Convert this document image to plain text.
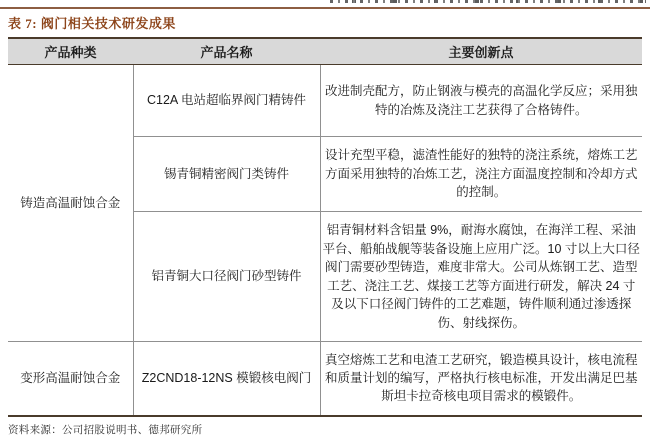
表 7: 阀门相关技术研发成果
产品种类	产品名称	主要创新点
铸造高温耐蚀合金	C12A 电站超临界阀门精铸件	改进制壳配方，防止钢液与模壳的高温化学反应；采用独特的冶炼及浇注工艺获得了合格铸件。
	锡青铜精密阀门类铸件	设计充型平稳，滤渣性能好的独特的浇注系统，熔炼工艺方面采用独特的冶炼工艺，浇注方面温度控制和冷却方式的控制。
	铝青铜大口径阀门砂型铸件	铝青铜材料含铝量 9%，耐海水腐蚀，在海洋工程、采油平台、船舶战舰等装备设施上应用广泛。10 寸以上大口径阀门需要砂型铸造，难度非常大。公司从炼钢工艺、造型工艺、浇注工艺、煤接工艺等方面进行研发，解决 24 寸及以下口径阀门铸件的工艺难题，铸件顺利通过渗透探伤、射线探伤。
变形高温耐蚀合金	Z2CND18-12NS 模锻核电阀门	真空熔炼工艺和电渣工艺研究，锻造模具设计，核电流程和质量计划的编写，严格执行核电标准，开发出满足巴基斯坦卡拉奇核电项目需求的模锻件。
资料来源：公司招股说明书、德邦研究所
